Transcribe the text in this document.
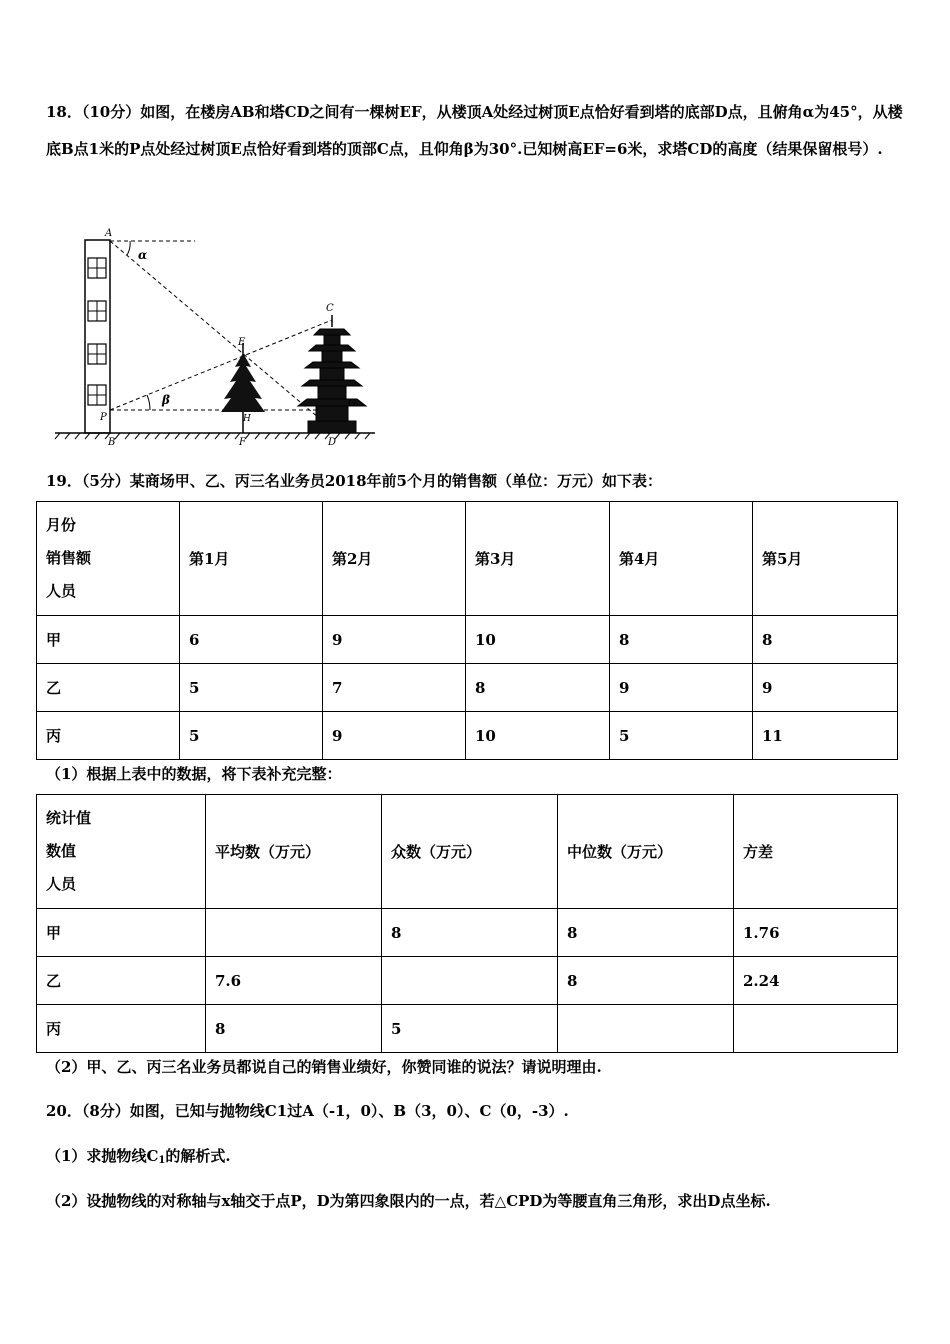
18．（10分）如图，在楼房AB和塔CD之间有一棵树EF，从楼顶A处经过树顶E点恰好看到塔的底部D点，且俯角α为45°，从楼底B点1米的P点处经过树顶E点恰好看到塔的顶部C点，且仰角β为30°.已知树高EF=6米，求塔CD的高度（结果保留根号）.

A
α
C
E
β	G
P	H
B	F	D

19．（5分）某商场甲、乙、丙三名业务员2018年前5个月的销售额（单位：万元）如下表：

月份
销售额
人员	第1月	第2月	第3月	第4月	第5月
甲	6	9	10	8	8
乙	5	7	8	9	9
丙	5	9	10	5	11

（1）根据上表中的数据，将下表补充完整：

统计值
数值
人员	平均数（万元）	众数（万元）	中位数（万元）	方差
甲		8	8	1.76
乙	7.6		8	2.24
丙	8	5		

（2）甲、乙、丙三名业务员都说自己的销售业绩好，你赞同谁的说法？请说明理由.

20．（8分）如图，已知与抛物线C1过A（-1，0）、B（3，0）、C（0，-3）.

（1）求抛物线C1的解析式.

（2）设抛物线的对称轴与x轴交于点P，D为第四象限内的一点，若△CPD为等腰直角三角形，求出D点坐标.
